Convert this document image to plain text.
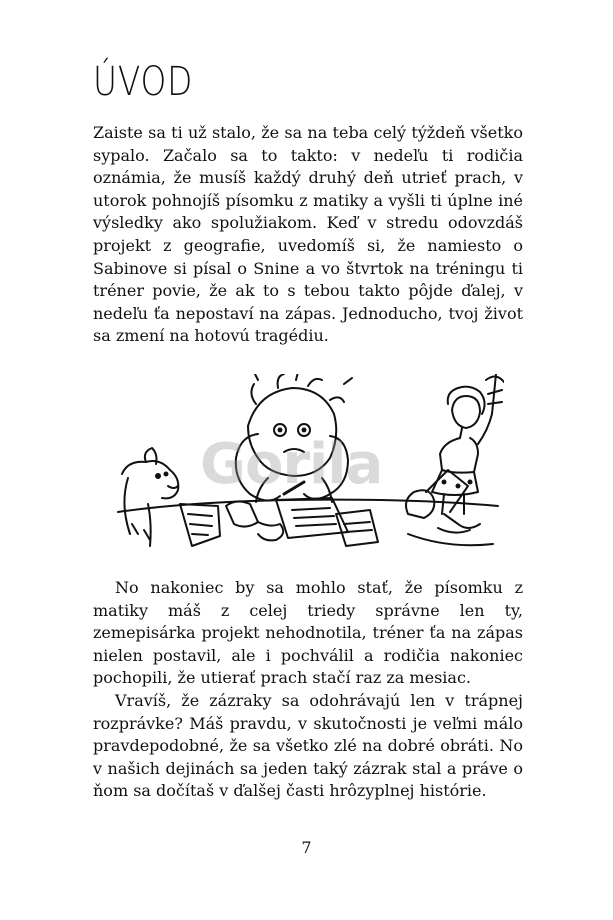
ÚVOD

Zaiste sa ti už stalo, že sa na teba celý týždeň všetko sypalo. Začalo sa to takto: v nedeľu ti rodičia oznámia, že musíš každý druhý deň utrieť prach, v utorok pohnojíš písomku z matiky a vyšli ti úplne iné výsledky ako spolužiakom. Keď v stredu odovzdáš projekt z geografie, uvedomíš si, že namiesto o Sabinove si písal o Snine a vo štvrtok na tréningu ti tréner povie, že ak to s tebou takto pôjde ďalej, v nedeľu ťa nepostaví na zápas. Jednoducho, tvoj život sa zmení na hotovú tragédiu.

Gorila

No nakoniec by sa mohlo stať, že písomku z matiky máš z celej triedy správne len ty, zemepisárka projekt nehodnotila, tréner ťa na zápas nielen postavil, ale i pochválil a rodičia nakoniec pochopili, že utierať prach stačí raz za mesiac.

Vravíš, že zázraky sa odohrávajú len v trápnej rozprávke? Máš pravdu, v skutočnosti je veľmi málo pravdepodobné, že sa všetko zlé na dobré obráti. No v našich dejinách sa jeden taký zázrak stal a práve o ňom sa dočítaš v ďalšej časti hrôzyplnej histórie.

7
